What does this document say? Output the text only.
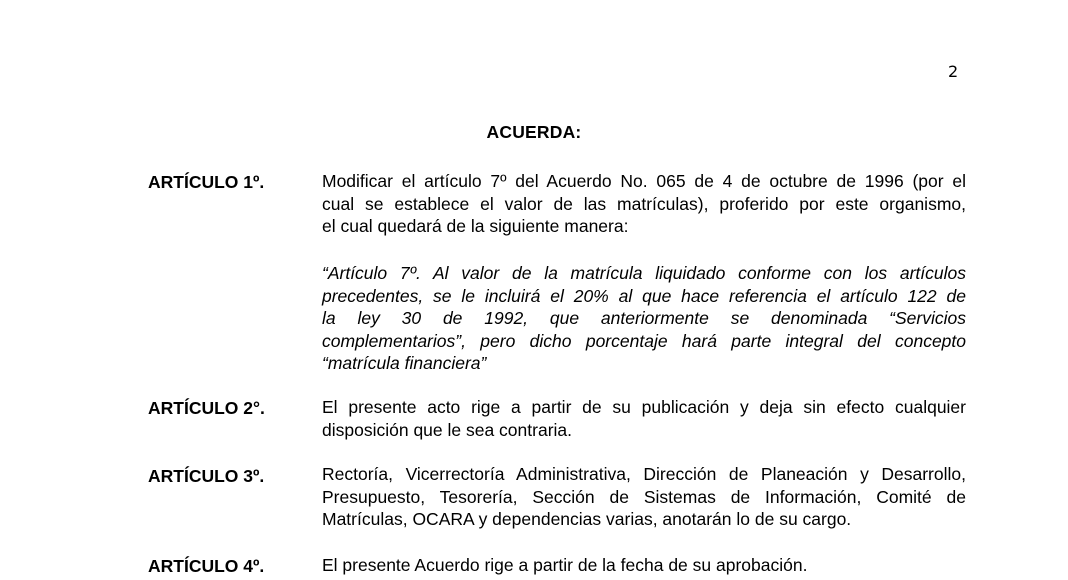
2
ACUERDA:
ARTÍCULO 1º.	Modificar el artículo 7º del Acuerdo No. 065 de 4 de octubre de 1996 (por el
cual se establece el valor de las matrículas), proferido por este organismo,
el cual quedará de la siguiente manera:
“Artículo 7º. Al valor de la matrícula liquidado conforme con los artículos
precedentes, se le incluirá el 20% al que hace referencia el artículo 122 de
la ley 30 de 1992, que anteriormente se denominada “Servicios
complementarios”, pero dicho porcentaje hará parte integral del concepto
“matrícula financiera”
ARTÍCULO 2°.	El presente acto rige a partir de su publicación y deja sin efecto cualquier
disposición que le sea contraria.
ARTÍCULO 3º.	Rectoría, Vicerrectoría Administrativa, Dirección de Planeación y Desarrollo,
Presupuesto, Tesorería, Sección de Sistemas de Información, Comité de
Matrículas, OCARA y dependencias varias, anotarán lo de su cargo.
ARTÍCULO 4º.	El presente Acuerdo rige a partir de la fecha de su aprobación.
